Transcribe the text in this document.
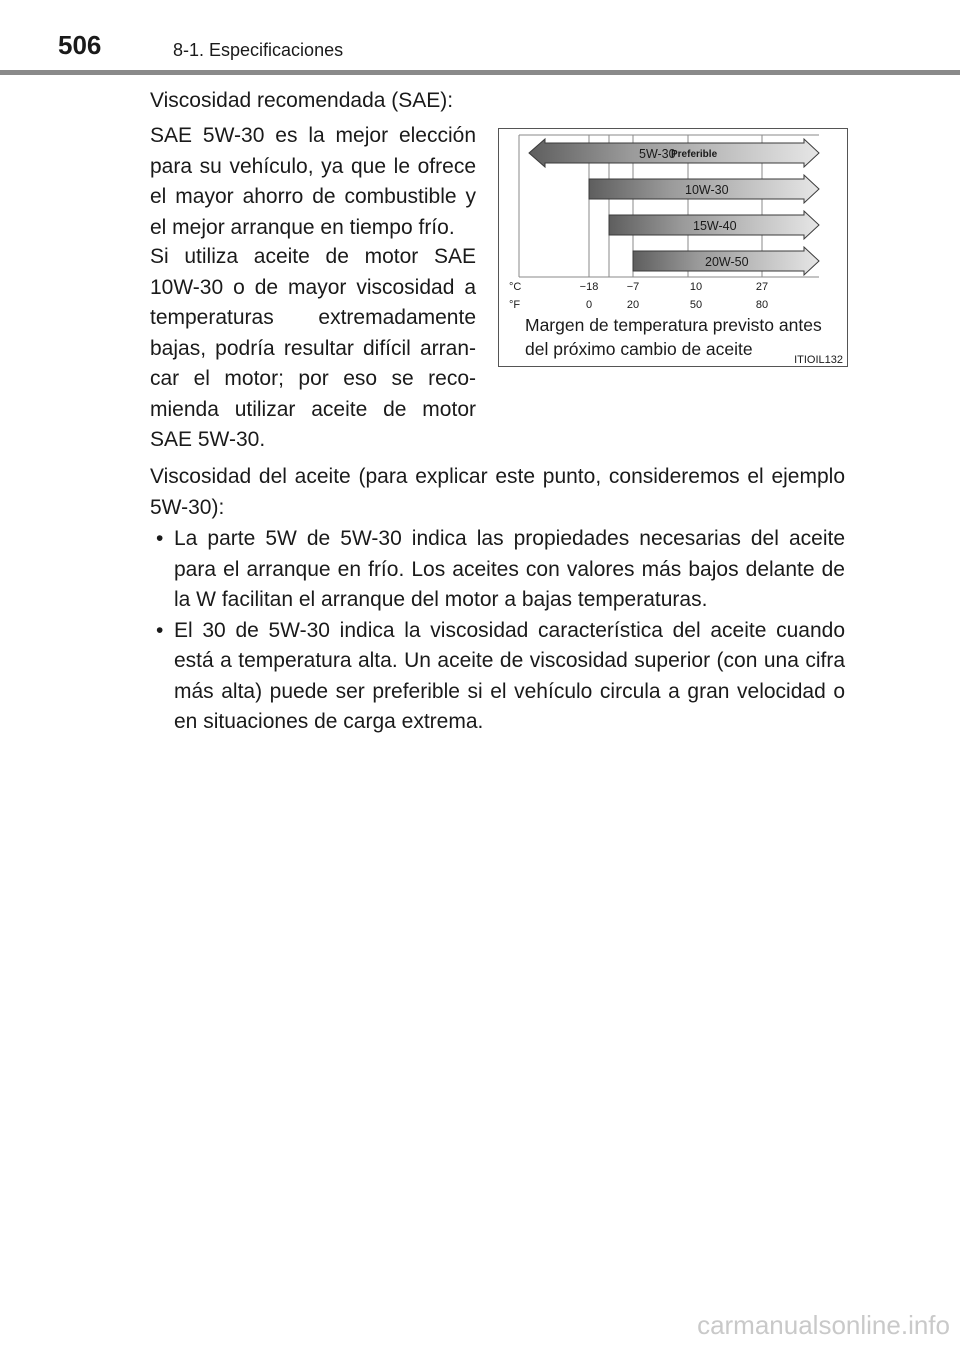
506	8-1. Especificaciones

Viscosidad recomendada (SAE):

SAE 5W-30 es la mejor elección
para su vehículo, ya que le ofrece
el mayor ahorro de combustible y
el mejor arranque en tiempo frío.
Si utiliza aceite de motor SAE
10W-30 o de mayor viscosidad a
temperaturas extremadamente
bajas, podría resultar difícil arran-
car el motor; por eso se reco-
mienda utilizar aceite de motor
SAE 5W-30.
5W-30
Preferible
10W-30
15W-40
20W-50
°C
°F
−18	−7	10	27
0	20	50	80
Margen de temperatura previsto antes
del próximo cambio de aceite
ITIOIL132
Viscosidad del aceite (para explicar este punto, consideremos el ejemplo
5W-30):
• La parte 5W de 5W-30 indica las propiedades necesarias del aceite para el arranque en frío. Los aceites con valores más bajos delante de la W facilitan el arranque del motor a bajas temperaturas.
• El 30 de 5W-30 indica la viscosidad característica del aceite cuando está a temperatura alta. Un aceite de viscosidad superior (con una cifra más alta) puede ser preferible si el vehículo circula a gran velocidad o en situaciones de carga extrema.
carmanualsonline.info
